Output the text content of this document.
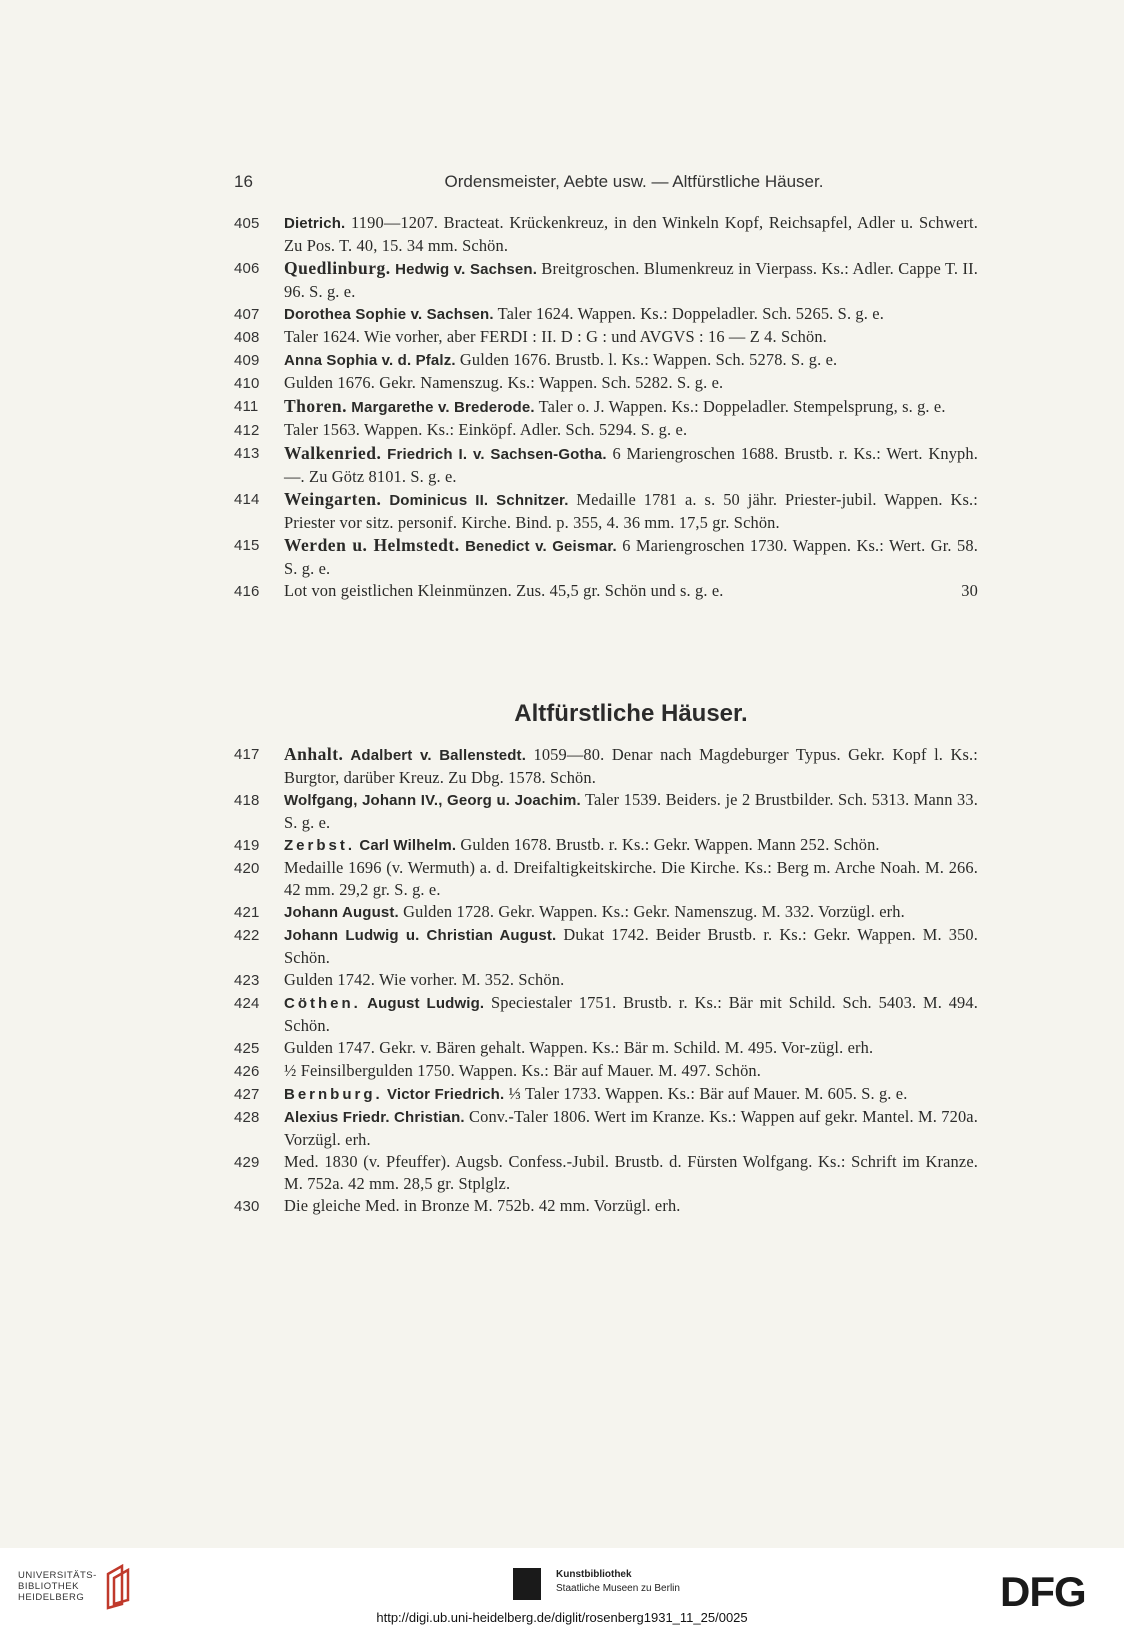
16	Ordensmeister, Aebte usw. — Altfürstliche Häuser.
405	Dietrich. 1190—1207. Bracteat. Krückenkreuz, in den Winkeln Kopf, Reichsapfel, Adler u. Schwert. Zu Pos. T. 40, 15. 34 mm. Schön.
406	Quedlinburg. Hedwig v. Sachsen. Breitgroschen. Blumenkreuz in Vierpass. Ks.: Adler. Cappe T. II. 96. S. g. e.
407	Dorothea Sophie v. Sachsen. Taler 1624. Wappen. Ks.: Doppeladler. Sch. 5265. S. g. e.
408	Taler 1624. Wie vorher, aber FERDI : II. D : G : und AVGVS : 16 — Z 4. Schön.
409	Anna Sophia v. d. Pfalz. Gulden 1676. Brustb. l. Ks.: Wappen. Sch. 5278. S. g. e.
410	Gulden 1676. Gekr. Namenszug. Ks.: Wappen. Sch. 5282. S. g. e.
411	Thoren. Margarethe v. Brederode. Taler o. J. Wappen. Ks.: Doppeladler. Stempelsprung, s. g. e.
412	Taler 1563. Wappen. Ks.: Einköpf. Adler. Sch. 5294. S. g. e.
413	Walkenried. Friedrich I. v. Sachsen-Gotha. 6 Mariengroschen 1688. Brustb. r. Ks.: Wert. Knyph. —. Zu Götz 8101. S. g. e.
414	Weingarten. Dominicus II. Schnitzer. Medaille 1781 a. s. 50 jähr. Priester-jubil. Wappen. Ks.: Priester vor sitz. personif. Kirche. Bind. p. 355, 4. 36 mm. 17,5 gr. Schön.
415	Werden u. Helmstedt. Benedict v. Geismar. 6 Mariengroschen 1730. Wappen. Ks.: Wert. Gr. 58. S. g. e.
416	Lot von geistlichen Kleinmünzen. Zus. 45,5 gr. Schön und s. g. e.	30
Altfürstliche Häuser.
417	Anhalt. Adalbert v. Ballenstedt. 1059—80. Denar nach Magdeburger Typus. Gekr. Kopf l. Ks.: Burgtor, darüber Kreuz. Zu Dbg. 1578. Schön.
418	Wolfgang, Johann IV., Georg u. Joachim. Taler 1539. Beiders. je 2 Brustbilder. Sch. 5313. Mann 33. S. g. e.
419	Zerbst. Carl Wilhelm. Gulden 1678. Brustb. r. Ks.: Gekr. Wappen. Mann 252. Schön.
420	Medaille 1696 (v. Wermuth) a. d. Dreifaltigkeitskirche. Die Kirche. Ks.: Berg m. Arche Noah. M. 266. 42 mm. 29,2 gr. S. g. e.
421	Johann August. Gulden 1728. Gekr. Wappen. Ks.: Gekr. Namenszug. M. 332. Vorzügl. erh.
422	Johann Ludwig u. Christian August. Dukat 1742. Beider Brustb. r. Ks.: Gekr. Wappen. M. 350. Schön.
423	Gulden 1742. Wie vorher. M. 352. Schön.
424	Cöthen. August Ludwig. Speciestaler 1751. Brustb. r. Ks.: Bär mit Schild. Sch. 5403. M. 494. Schön.
425	Gulden 1747. Gekr. v. Bären gehalt. Wappen. Ks.: Bär m. Schild. M. 495. Vor-zügl. erh.
426	½ Feinsilbergulden 1750. Wappen. Ks.: Bär auf Mauer. M. 497. Schön.
427	Bernburg. Victor Friedrich. ⅓ Taler 1733. Wappen. Ks.: Bär auf Mauer. M. 605. S. g. e.
428	Alexius Friedr. Christian. Conv.-Taler 1806. Wert im Kranze. Ks.: Wappen auf gekr. Mantel. M. 720a. Vorzügl. erh.
429	Med. 1830 (v. Pfeuffer). Augsb. Confess.-Jubil. Brustb. d. Fürsten Wolfgang. Ks.: Schrift im Kranze. M. 752a. 42 mm. 28,5 gr. Stplglz.
430	Die gleiche Med. in Bronze M. 752b. 42 mm. Vorzügl. erh.
UNIVERSITÄTS-
BIBLIOTHEK
HEIDELBERG
Kunstbibliothek
Staatliche Museen zu Berlin	DFG
http://digi.ub.uni-heidelberg.de/diglit/rosenberg1931_11_25/0025
